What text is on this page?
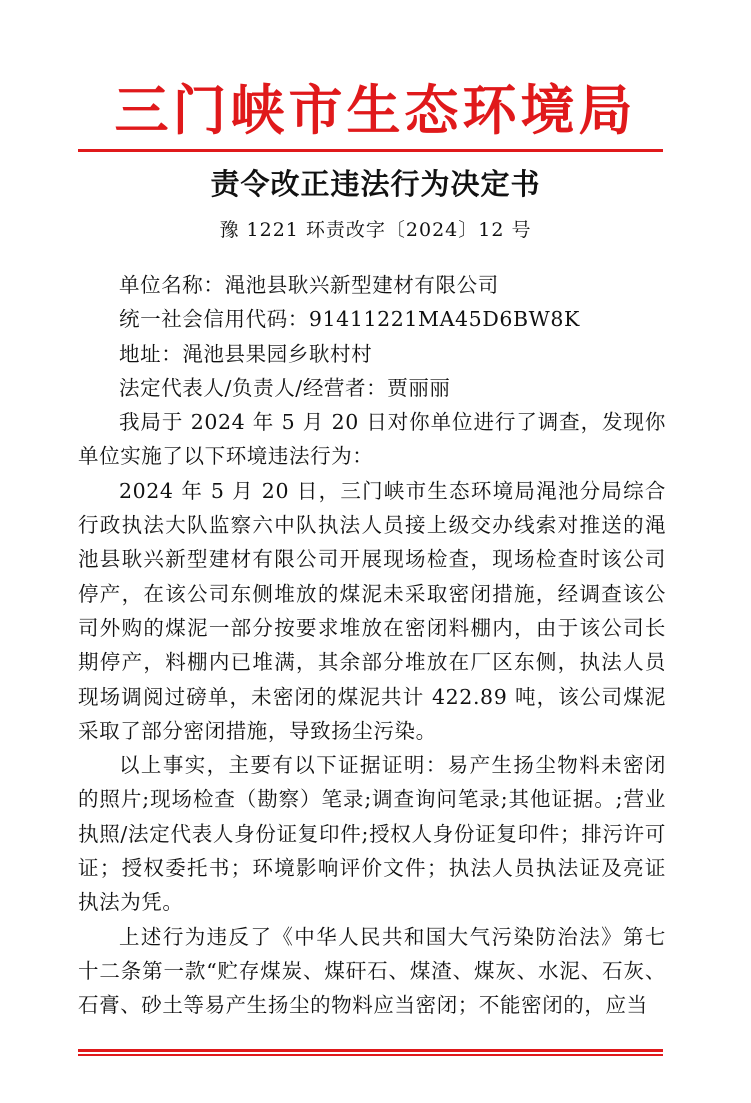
三门峡市生态环境局
责令改正违法行为决定书
豫 1221 环责改字〔2024〕12 号

单位名称：渑池县耿兴新型建材有限公司

统一社会信用代码：91411221MA45D6BW8K

地址：渑池县果园乡耿村村

法定代表人/负责人/经营者：贾丽丽

我局于 2024 年 5 月 20 日对你单位进行了调查，发现你单位实施了以下环境违法行为：

2024 年 5 月 20 日，三门峡市生态环境局渑池分局综合行政执法大队监察六中队执法人员接上级交办线索对推送的渑池县耿兴新型建材有限公司开展现场检查，现场检查时该公司停产，在该公司东侧堆放的煤泥未采取密闭措施，经调查该公司外购的煤泥一部分按要求堆放在密闭料棚内，由于该公司长期停产，料棚内已堆满，其余部分堆放在厂区东侧，执法人员现场调阅过磅单，未密闭的煤泥共计 422.89 吨，该公司煤泥采取了部分密闭措施，导致扬尘污染。

以上事实，主要有以下证据证明：易产生扬尘物料未密闭的照片;现场检查（勘察）笔录;调查询问笔录;其他证据。;营业执照/法定代表人身份证复印件;授权人身份证复印件；排污许可证；授权委托书；环境影响评价文件；执法人员执法证及亮证执法为凭。

上述行为违反了《中华人民共和国大气污染防治法》第七十二条第一款“贮存煤炭、煤矸石、煤渣、煤灰、水泥、石灰、石膏、砂土等易产生扬尘的物料应当密闭；不能密闭的，应当
